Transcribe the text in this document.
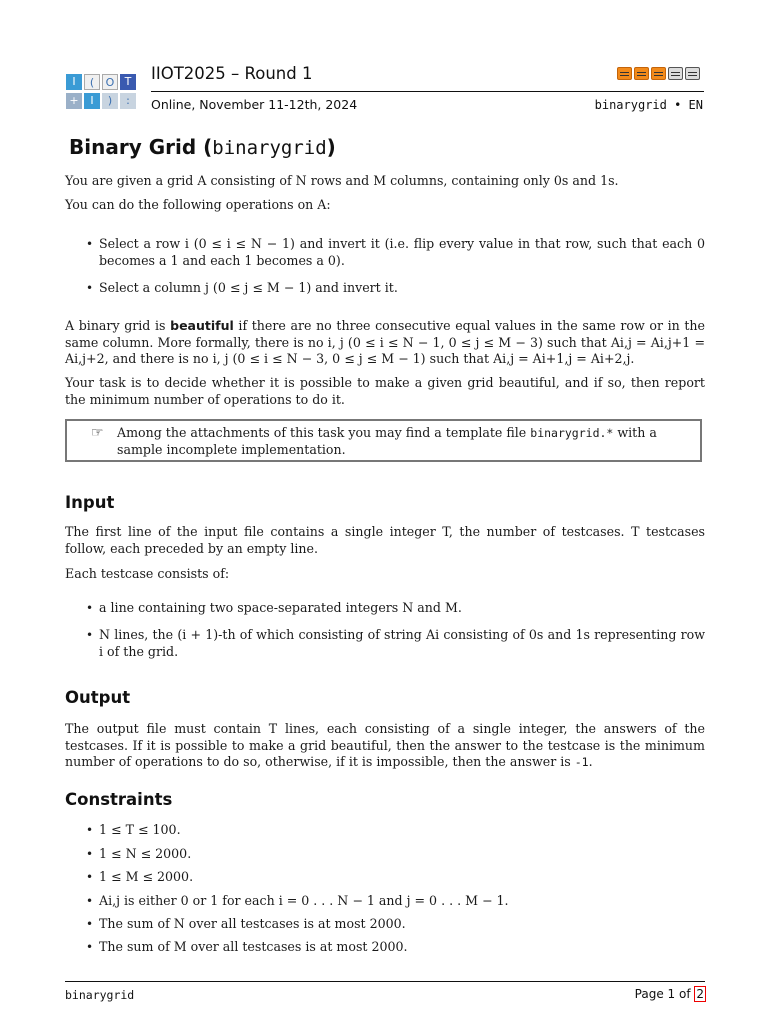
I	(	O T
+	I	)	:
IIOT2025 – Round 1
Online, November 11-12th, 2024	binarygrid • EN
Binary Grid (binarygrid)
You are given a grid A consisting of N rows and M columns, containing only 0s and 1s.
You can do the following operations on A:
• Select a row i (0 ≤ i ≤ N − 1) and invert it (i.e. flip every value in that row, such that each 0 becomes a 1 and each 1 becomes a 0).
• Select a column j (0 ≤ j ≤ M − 1) and invert it.
A binary grid is beautiful if there are no three consecutive equal values in the same row or in the same column. More formally, there is no i, j (0 ≤ i ≤ N − 1, 0 ≤ j ≤ M − 3) such that Ai,j = Ai,j+1 = Ai,j+2, and there is no i, j (0 ≤ i ≤ N − 3, 0 ≤ j ≤ M − 1) such that Ai,j = Ai+1,j = Ai+2,j.
Your task is to decide whether it is possible to make a given grid beautiful, and if so, then report the minimum number of operations to do it.
☞ Among the attachments of this task you may find a template file binarygrid.* with a sample incomplete implementation.
Input
The first line of the input file contains a single integer T, the number of testcases. T testcases follow, each preceded by an empty line.
Each testcase consists of:
• a line containing two space-separated integers N and M.
• N lines, the (i + 1)-th of which consisting of string Ai consisting of 0s and 1s representing row i of the grid.
Output
The output file must contain T lines, each consisting of a single integer, the answers of the testcases. If it is possible to make a grid beautiful, then the answer to the testcase is the minimum number of operations to do so, otherwise, if it is impossible, then the answer is -1.
Constraints
• 1 ≤ T ≤ 100.
• 1 ≤ N ≤ 2000.
• 1 ≤ M ≤ 2000.
• Ai,j is either 0 or 1 for each i = 0 . . . N − 1 and j = 0 . . . M − 1.
• The sum of N over all testcases is at most 2000.
• The sum of M over all testcases is at most 2000.
binarygrid	Page 1 of 2
